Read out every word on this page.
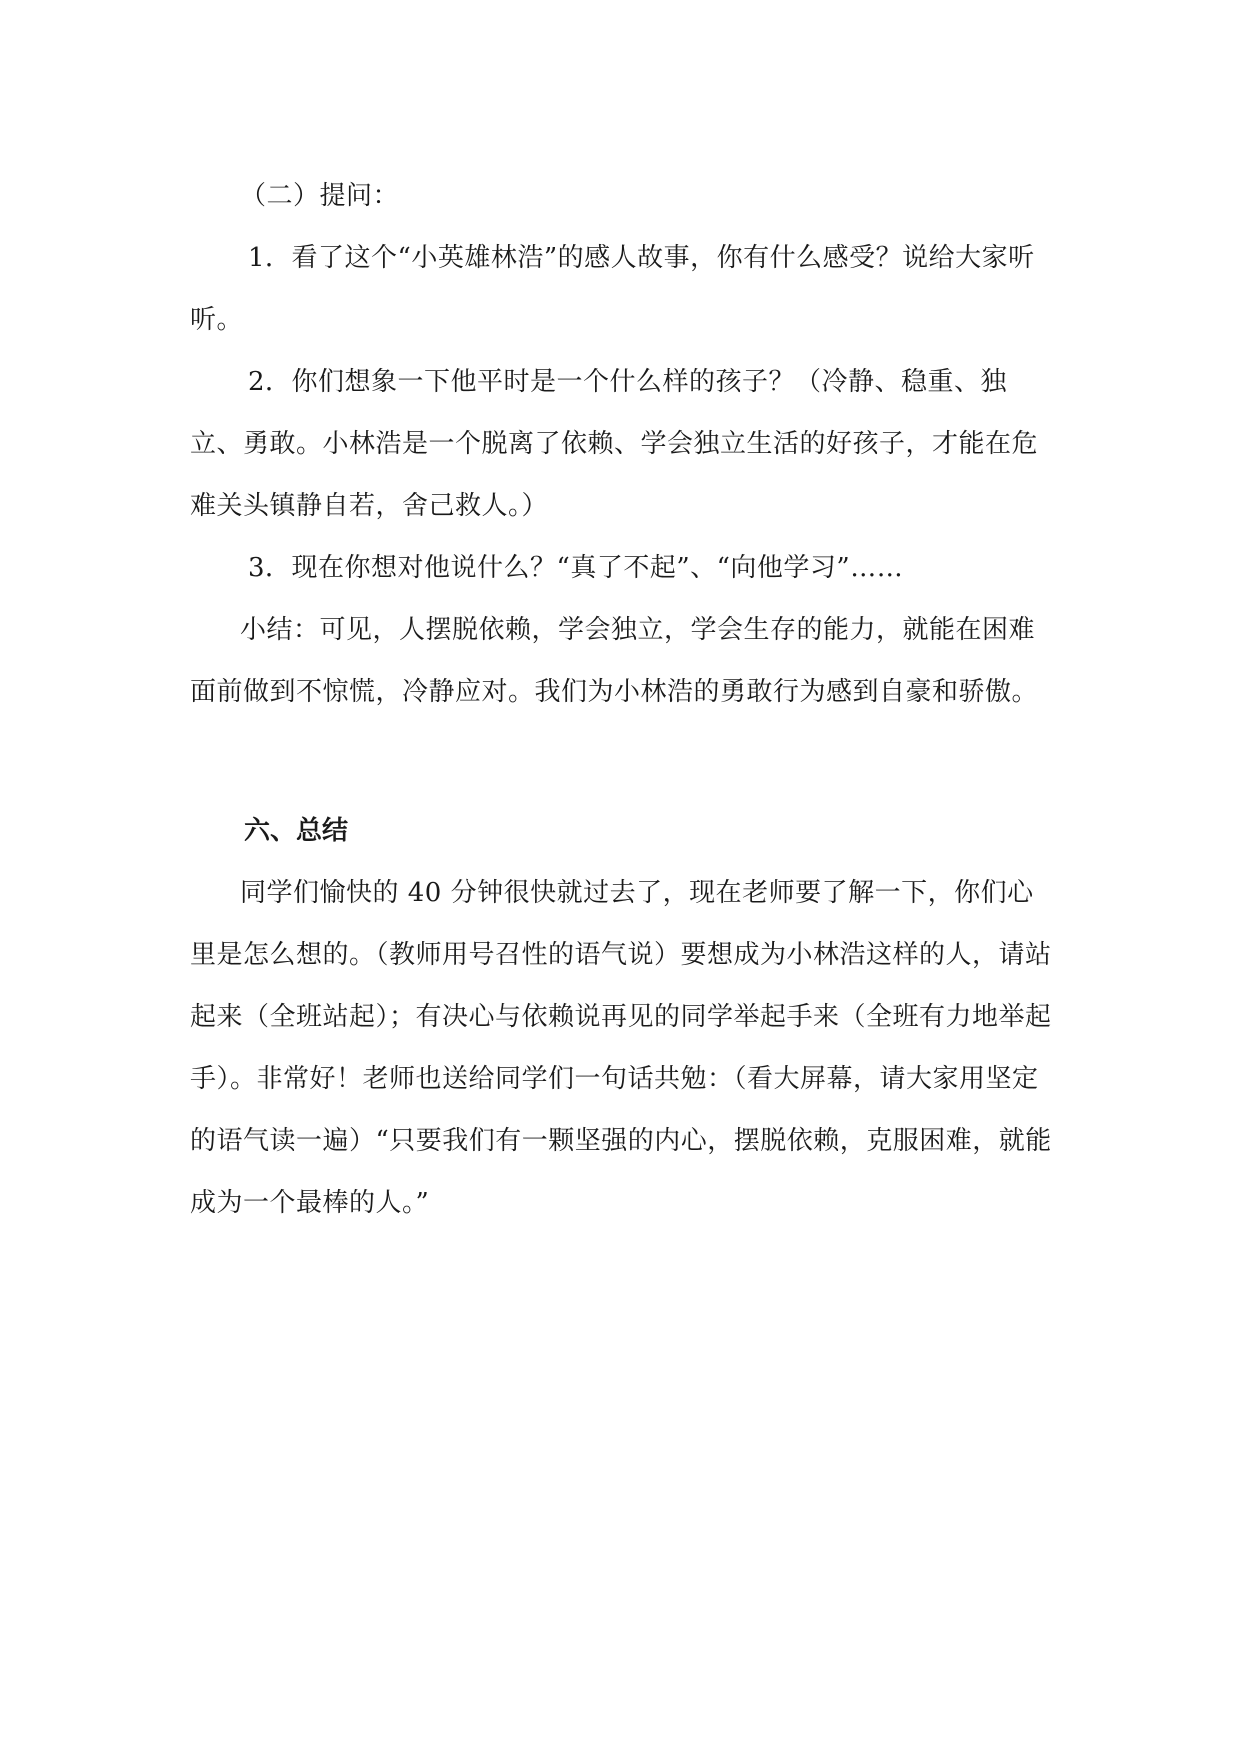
（二）提问：
1．看了这个“小英雄林浩”的感人故事，你有什么感受？说给大家听听。
2．你们想象一下他平时是一个什么样的孩子？（冷静、稳重、独立、勇敢。小林浩是一个脱离了依赖、学会独立生活的好孩子，才能在危难关头镇静自若，舍己救人。）
3．现在你想对他说什么？“真了不起”、“向他学习”……
小结：可见，人摆脱依赖，学会独立，学会生存的能力，就能在困难面前做到不惊慌，冷静应对。我们为小林浩的勇敢行为感到自豪和骄傲。
六、总结
同学们愉快的 40 分钟很快就过去了，现在老师要了解一下，你们心里是怎么想的。（教师用号召性的语气说）要想成为小林浩这样的人，请站起来（全班站起）；有决心与依赖说再见的同学举起手来（全班有力地举起手）。非常好！老师也送给同学们一句话共勉：（看大屏幕，请大家用坚定的语气读一遍）“只要我们有一颗坚强的内心，摆脱依赖，克服困难，就能成为一个最棒的人。”
